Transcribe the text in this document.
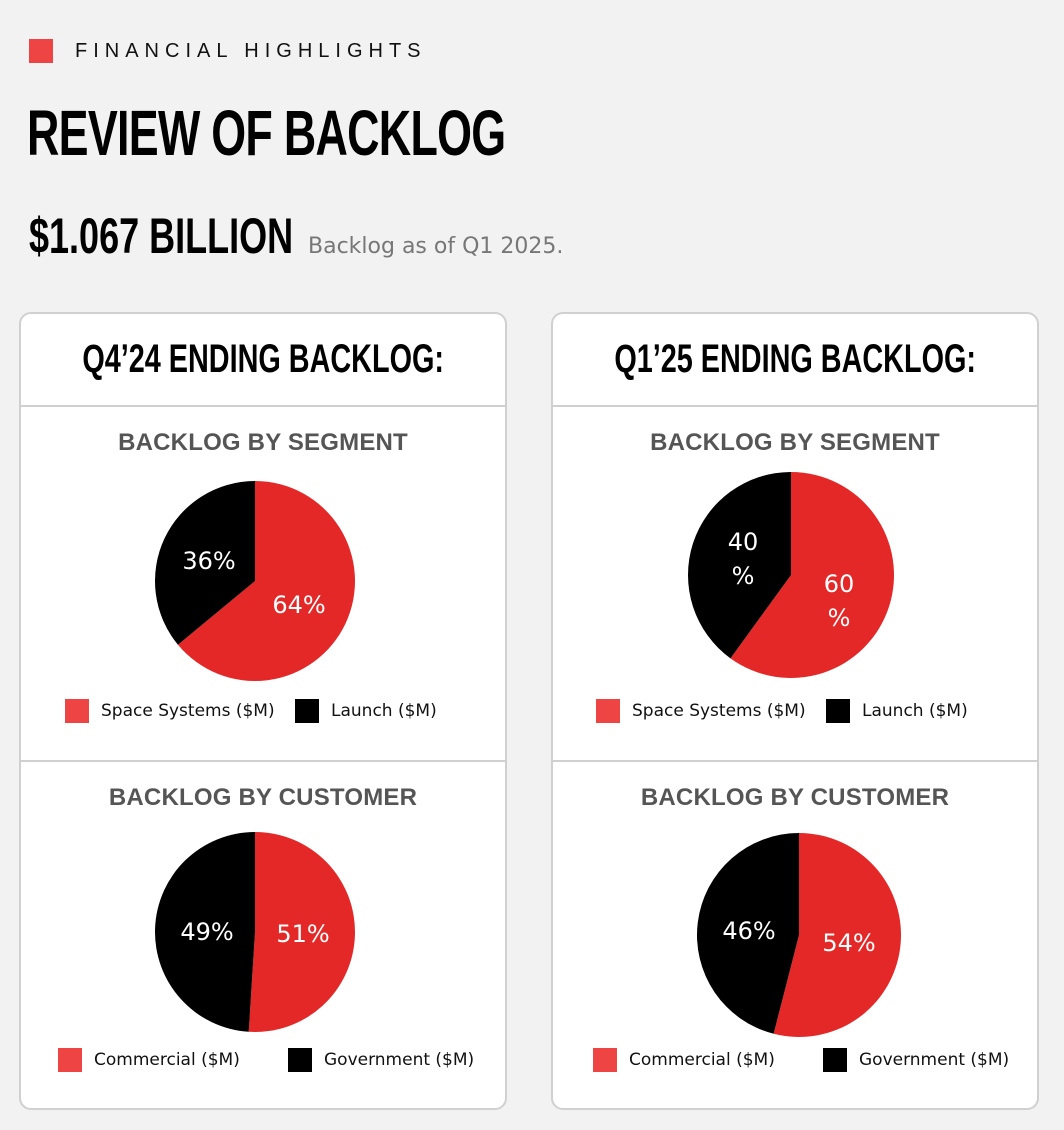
FINANCIAL HIGHLIGHTS
REVIEW OF BACKLOG
$1.067 BILLION Backlog as of Q1 2025.
Q4’24 ENDING BACKLOG:
BACKLOG BY SEGMENT
64%
36%
Space Systems ($M)	Launch ($M)
BACKLOG BY CUSTOMER
51%
49%
Commercial ($M)	Government ($M)
Q1’25 ENDING BACKLOG:
BACKLOG BY SEGMENT
60 %
40 %
Space Systems ($M)	Launch ($M)
BACKLOG BY CUSTOMER
54%
46%
Commercial ($M)	Government ($M)
